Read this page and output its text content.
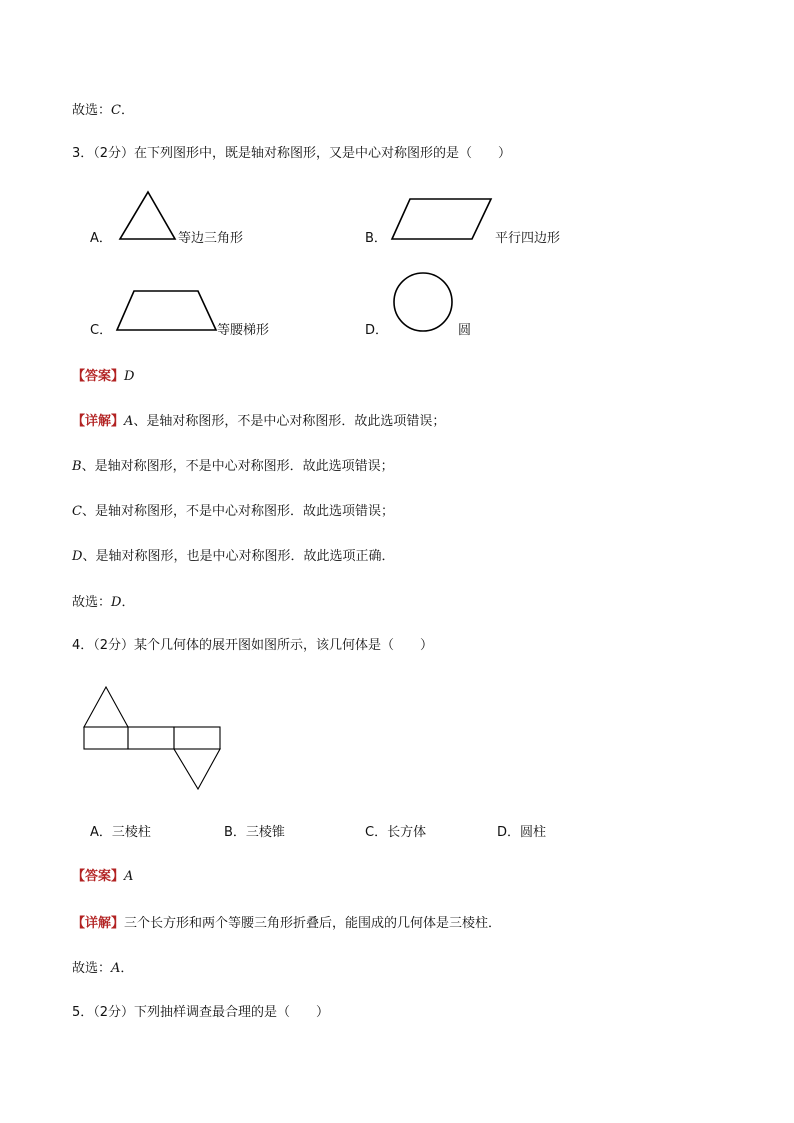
故选：C．
3．（2分）在下列图形中，既是轴对称图形，又是中心对称图形的是（　　）
A．	等边三角形	B．	平行四边形
C．	等腰梯形	D．	圆
【答案】D
【详解】A、是轴对称图形，不是中心对称图形．故此选项错误；
B、是轴对称图形，不是中心对称图形．故此选项错误；
C、是轴对称图形，不是中心对称图形．故此选项错误；
D、是轴对称图形，也是中心对称图形．故此选项正确．
故选：D．
4．（2分）某个几何体的展开图如图所示，该几何体是（　　）
A．三棱柱	B．三棱锥	C．长方体	D．圆柱
【答案】A
【详解】三个长方形和两个等腰三角形折叠后，能围成的几何体是三棱柱．
故选：A．
5．（2分）下列抽样调查最合理的是（　　）
